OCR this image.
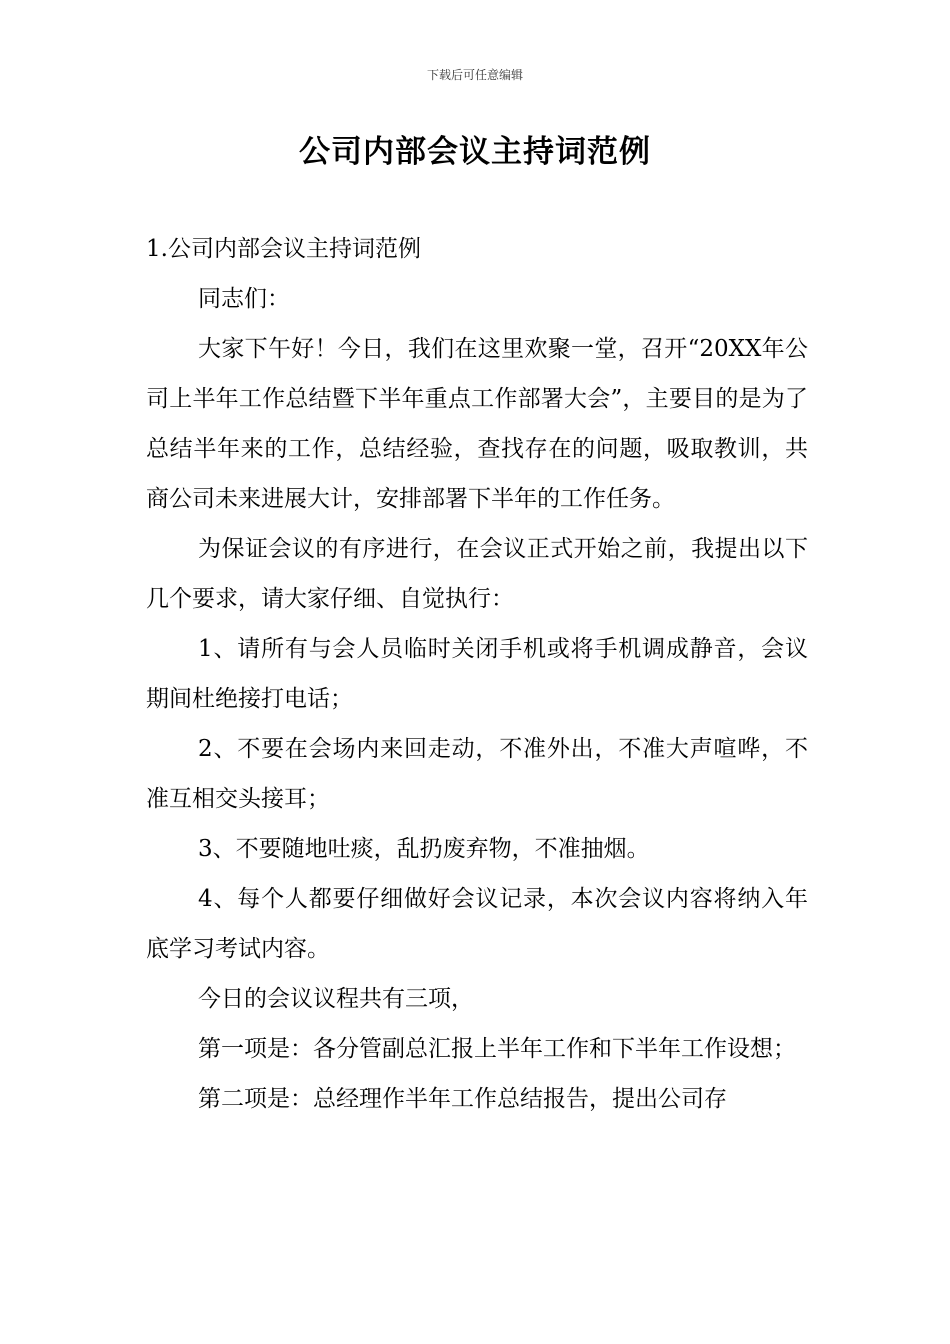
下载后可任意编辑
公司内部会议主持词范例

1.公司内部会议主持词范例

同志们：

大家下午好！今日，我们在这里欢聚一堂，召开“20XX年公司上半年工作总结暨下半年重点工作部署大会”，主要目的是为了总结半年来的工作，总结经验，查找存在的问题，吸取教训，共商公司未来进展大计，安排部署下半年的工作任务。

为保证会议的有序进行，在会议正式开始之前，我提出以下几个要求，请大家仔细、自觉执行：

1、请所有与会人员临时关闭手机或将手机调成静音，会议期间杜绝接打电话；

2、不要在会场内来回走动，不准外出，不准大声喧哗，不准互相交头接耳；

3、不要随地吐痰，乱扔废弃物，不准抽烟。

4、每个人都要仔细做好会议记录，本次会议内容将纳入年底学习考试内容。

今日的会议议程共有三项，

第一项是：各分管副总汇报上半年工作和下半年工作设想；

第二项是：总经理作半年工作总结报告，提出公司存
